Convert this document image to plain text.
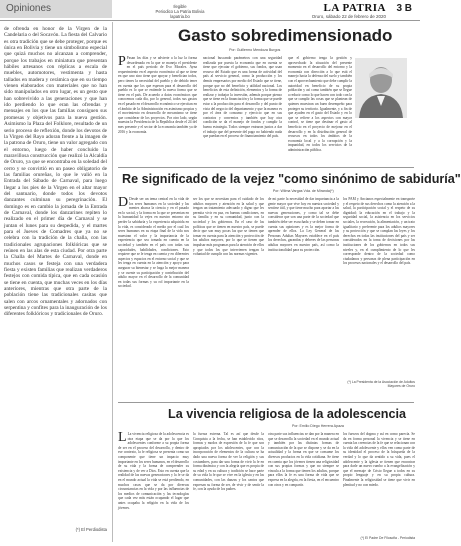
Opiniones	Ilegible
Periodico La Patria Bolivia
lapatria.bo
LA PATRIA
Oruro, sábado 22 de febrero de 2020
3 B

de ofrenda en honor de la Virgen de la Candelaria o del Socavón. La fiesta del Calvario es otra tradición que se debe proteger, porque es única en Bolivia y tiene un simbolismo especial que quizá muchos no alcanzan a comprender, porque los trabajos en miniatura que presentan hábiles artesanos con réplicas a escala de muebles, automotores, vestimenta y hasta tallados en madera y cerámica que en su tiempo vienen elaborados con materiales que no han sido manipulados en otro lugar, es un gesto que han sobrevivido a las generaciones y que han ido perdiendo lo que eran las ofrendas y mensajes en los que las familias consiguen sus promesas y objetivos para la nueva gestión. Asimismo la Plaza del Folklore, resultado de un serio proceso de reflexión, donde los devotos de la Virgen del Rayo adoran frente a la imagen de la patrona de Oruro, tiene un valor agregado con el entorno, luego de haber concluido la maravillosa construcción que realizó la Alcaldía de Oruro, ya que se encontraba en la soledad del cerro y se convirtió en un paseo obligatorio de las familias orureñas, lo que le valió en la Entrada del Sábado de Carnaval, para luego llegar a los pies de la Virgen en el altar mayor del santuario, donde todos los devotos danzantes culminan su peregrinación. El domingo es en cambio la jornada de la Entrada de Carnaval, donde los danzarines repiten lo realizado en el primer día de Carnaval y se juntan el lunes para su despedida, y el martes para el Jueves de Comadres que ya no se celebra con la tradición de la challa, con las tradicionales agrupaciones folklóricas que se reúnen en las alas de esta ciudad. Por otra parte la Challa del Martes de Carnaval, donde en muchos casos se festeja con una verdadera fiesta y existen familias que realizan verdaderos festejos con comida típica, que en cada ocasión se tiene en cuenta, que muchas veces en los días anteriores, mientras que otra parte de la población tiene las tradicionales casitas que salen con arcos ornamentales y adornados con serpentina y confites para la inauguración de los diferentes folklóricos y tradicionales de Oruro.

(*) El Perdiodista
Gasto sobredimensionado
Por: Guillermo Mendoza Burgos
P Pasan los días y se advierte a la luz la forma desordenada en la que se maneja el presidente en el país periodo de Evo Morales. Ayna requerimiento en el aspecto económico al que se tiene en que uno sino tiene que apoyar y benefician todos, pero tienes la necesidad del pueblo y de debido tener en cuenta que los que esperan para el desarrollo del pueblo es lo que se entiende la nueva forma que se tiene en el país. De acuerdo a datos económicos que conocemos cada día, por lo general, todos sus gastos en el pasado en el desarrollo económico se ejercitan en el ámbito de la Administración en asimismo propias y el movimiento en desarrollo de mecanismo se tiene que considerar de los proyectos. Por otro lado, según muestra la Presidencia de la República desde el 24 del mes presente y el sector de la economía también ya de 2016 y la economía.
nacional buscando parámetros con una seguridad realizada por puesta la economía que en cuenta se tiene que ejecutar el gobierno, sus fondos, que usan recurso del Estado que es una forma de actividad del país al servicio general, como la producción y los demás empresarios por medio del Estado que se tiene, porque que no del beneficio y utilidad nacional. Los beneficios de esta definición, elementos y la forma de realizar y trabajar la inversión, además porque pienso que se tiene en la financiación y la forma que se puede estar a la producción para el desarrollo y del punto de vista del negocio del departamento y que la manera es por el área de consumo y ejercicio que en sus contratos y convenios y también que hay otra condición se da el manejo de fondos y cumplir la buena estrategia. Todos siempre entraron juntos a dar el trabajo que del presente del pago no habiendo nada que puedan en el proceso de financiamiento del país.
que el gobierno tenga la gestión y aprovechado la situación del presente momento en el desarrollo del entorno y la economía con dirección a lo que está el manejo hacia la defensa del suelo y también con el aprovechamiento que debe cumplir la autoridad en beneficio de su propia población y así como también que se llegue a reducir como lo que hacen con todo con la que se cumplir las cosas que se plantean de quienes muestran un buen desempeño para proteger su territorio. Igualmente, y a fin de que ayuden en el gasto del Estado y en lo que se refiere a los aspectos con mayor control, se tiene que destinar el gasto al beneficio en el proyecto de mejorar en el desarrollo y en la distribución general de recursos en todos los ámbitos de la economía local y a la corrupción y la impunidad, en todos los servicios de la administración pública.
Re significado de la vejez "como sinónimo de sabiduría"
Por: Wilma Vargas Vda. de Miranda(*)
D Desde ser un tema central en la vida de los seres humanos en la sociedad y las mentes abarca la ciencia y en el pasado en lo social, y la forma en la que se presentan en la humanidad la vejez en nuestro entorno sin perder la sabiduría y la experiencia adquirida en la vida, es considerado el medio por el cual los seres humanos en su etapa final de la vida nos muestran el valor y la importancia de la experiencia que sea tomada en cuenta en la sociedad y también en el país con todas sus capacidades, habilidades, condiciones. Esto requiere que se le tenga en cuenta y en diferentes aspectos y espacios en el entorno social y que se les tenga en cuenta en la atención y apoyo para asegurar su bienestar y se haga la mejor manera y se cuente su participación y contribución del adulto mayor en el desarrollo de la comunidad en todas sus formas y su rol importante en la sociedad.
ser los que se necesitan para el cuidado de los adultos mayores y atención en la salud y que tengan un tratamiento adecuado y digno que les permita vivir en paz, en buenas condiciones, en su familia y en su comunidad, junto con la sociedad y los gobiernos. En el caso de las políticas que se tienen en nuestro país, se puede decir que son muy pocas las que se tienen que tomar en cuenta para la atención y protección de los adultos mayores, por lo que se tienen que impulsar más programas para la atención de ellos y que todos los que intervienen tengan la voluntad de cumplir con las normas vigentes.
de mi parte la necesidad de dar importancia a la gente mayor que vive hoy en nuestra sociedad y sentirse útil, y que tiene mucho para aportar a las nuevas generaciones, y como tal se debe considerar que son una parte de la sociedad que también debe ser escuchada y se deben tomar en cuenta sus opiniones y es la mejor forma de aprender de ellos. La Ley General de las Personas Adultas Mayores establece en el país los derechos, garantías y deberes de las personas adultas mayores en nuestro país, así como la institucionalidad para su protección.
los PAM y Ancianos especialmente en transporte y el respeto de sus derechos como la atención a la salud, la participación social y el respeto de su dignidad; la educación en el trabajo y la seguridad social, la asistencia en los servicios sociales, la recreación, la alimentación, y un trato igualitario y preferente para los adultos mayores y su protección y que se cumplan las leyes y los derechos en todas las instituciones del país y ser considerados en la toma de decisiones por las instituciones de los gobiernos en todos sus niveles y, en el cumplimiento de lo que les corresponde dentro de la sociedad como ciudadanos y personas de plena participación en los procesos nacionales y el desarrollo del país.
(*) La Presidenta de la Asociación de Adultos Mayores de Oruro
La vivencia religiosa de la adolescencia
Por: Emilio Diego Herrera Apaza
L La vivencia religiosa de la adolescencia es otra etapa que se da por la que los adolescentes conforme a su propia forma de ser en el proceso del desarrollo, y dentro de ese contexto, la fe religiosa se presenta como un componente que tiene un impacto muy importante en los seres humanos, en el desarrollo de su vida y la forma de comprender su existencia y de ver a Dios. Esto en cuenta que la realidad de las nuevas generaciones y la fe se da en el mundo actual la vida se está perdiendo, en muchos casos que se da por diversas circunstancias en la vida y por las influencias de los medios de comunicación y las tecnologías que cada vez más están ocupando el lugar que antes ocupaba la religión en la vida de los jóvenes.
la fuerza externa. Tal es así que desde la Conquista a la fecha, se han establecido ritos, formas y modos de expresión de la fe que son apropiados por los adolescentes, que con la incorporación de elementos de la cultura se ha dado una nueva forma de ver la religión y sus costumbres, para dar una forma de vivir la fe en forma dinámica y con la alegría que es propia de su edad y en su cultura y tradición se hace parte de su vida la fe que se vive en la iglesia y en las comunidades, con las danzas y los cantos que expresan su forma de ser, de vivir y de sentir la fe, con la ayuda de los padres.
otra parte sus influencias se dan por la manera en que se desarrolla la sociedad en el mundo actual y también por las distintas formas de comunicación de la que se dispone y se da en la actualidad y la forma en que se consume los diversos productos en la vida cotidiana. Se tiene en cuenta que los jóvenes tienen una religiosidad con sus propias formas y que no siempre se vincula a la forma que tienen los adultos, porque para ellos la fe es una forma de vida que se expresa en la alegría, en la fiesta, en el encuentro con otros y en compartir.
los fuerzos del dogma y así en como parecía. Se da en forma personal la vivencia y se tiene en cuenta las creencias de la fe que se relacionan con la vida del adolescente y ellos ven como parte de su identidad el proceso de la búsqueda de la verdad y lo que da sentido a su vida, pues el adolescente y la iglesia se tienen que encontrar para darle un nuevo rumbo a la evangelización y que el mensaje de Cristo llegue a todos en su propio lenguaje y en su propia cultura. Finalmente la religiosidad se tiene que vivir en plenitud y no con miedo.
(*) El Padre De Filosofia - Periodista
